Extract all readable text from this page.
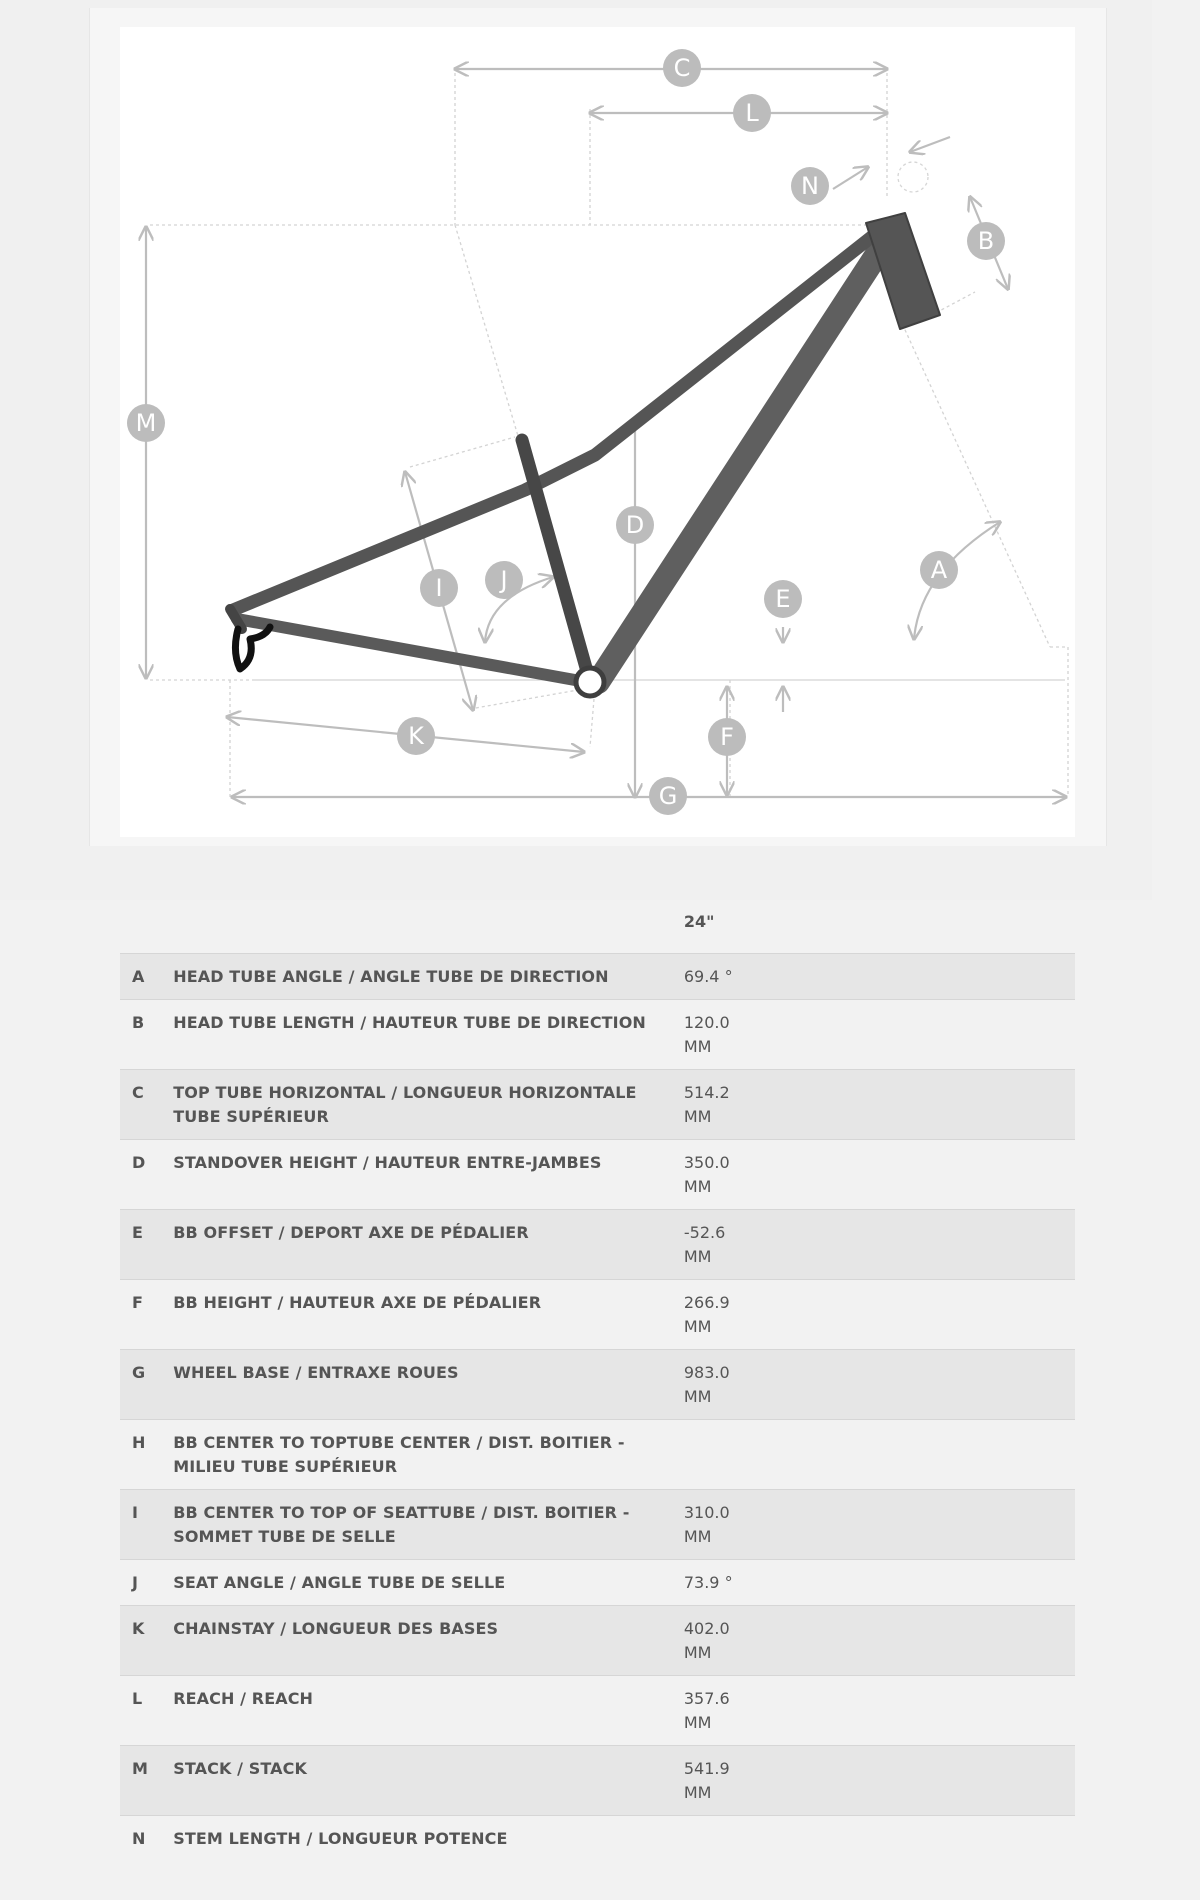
C
L
N
B
M
D
A
E
J
I
F
K
G
		24"
A	HEAD TUBE ANGLE / ANGLE TUBE DE DIRECTION	69.4 °

B	HEAD TUBE LENGTH / HAUTEUR TUBE DE DIRECTION	120.0
MM

C	TOP TUBE HORIZONTAL / LONGUEUR HORIZONTALE
TUBE SUPÉRIEUR	514.2
MM

D	STANDOVER HEIGHT / HAUTEUR ENTRE-JAMBES	350.0
MM

E	BB OFFSET / DEPORT AXE DE PÉDALIER	-52.6
MM

F	BB HEIGHT / HAUTEUR AXE DE PÉDALIER	266.9
MM

G	WHEEL BASE / ENTRAXE ROUES	983.0
MM

H	BB CENTER TO TOPTUBE CENTER / DIST. BOITIER -
MILIEU TUBE SUPÉRIEUR	

I	BB CENTER TO TOP OF SEATTUBE / DIST. BOITIER -
SOMMET TUBE DE SELLE	310.0
MM

J	SEAT ANGLE / ANGLE TUBE DE SELLE	73.9 °

K	CHAINSTAY / LONGUEUR DES BASES	402.0
MM

L	REACH / REACH	357.6
MM

M	STACK / STACK	541.9
MM

N	STEM LENGTH / LONGUEUR POTENCE	
